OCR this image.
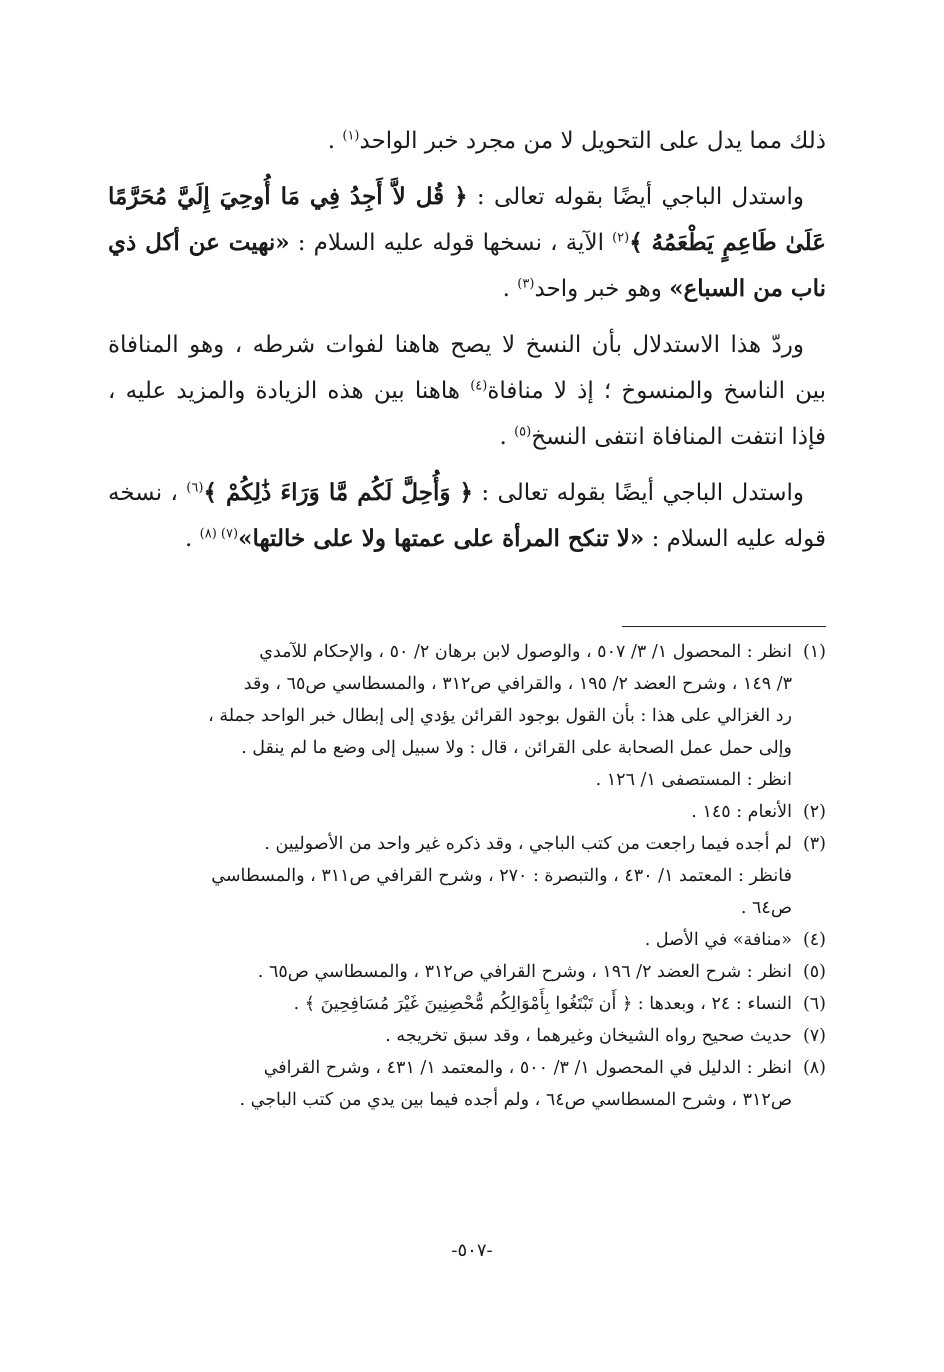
ذلك مما يدل على التحويل لا من مجرد خبر الواحد$^{(١)}$ .

واستدل الباجي أيضًا بقوله تعالى : ﴿ قُل لاَّ أَجِدُ فِي مَا أُوحِيَ إِلَيَّ مُحَرَّمًا عَلَىٰ طَاعِمٍ يَطْعَمُهُ ﴾$^{(٢)}$ الآية ، نسخها قوله عليه السلام : «نهيت عن أكل ذي ناب من السباع» وهو خبر واحد$^{(٣)}$ .

وردّ هذا الاستدلال بأن النسخ لا يصح هاهنا لفوات شرطه ، وهو المنافاة بين الناسخ والمنسوخ ؛ إذ لا منافاة$^{(٤)}$ هاهنا بين هذه الزيادة والمزيد عليه ، فإذا انتفت المنافاة انتفى النسخ$^{(٥)}$ .

واستدل الباجي أيضًا بقوله تعالى : ﴿ وَأُحِلَّ لَكُم مَّا وَرَاءَ ذَٰلِكُمْ ﴾$^{(٦)}$ ، نسخه قوله عليه السلام : «لا تنكح المرأة على عمتها ولا على خالتها»$^{(٧) (٨)}$ .

(١)
انظر : المحصول ١/ ٣/ ٥٠٧ ، والوصول لابن برهان ٢/ ٥٠ ، والإحكام للآمدي
٣/ ١٤٩ ، وشرح العضد ٢/ ١٩٥ ، والقرافي ص٣١٢ ، والمسطاسي ص٦٥ ، وقد
رد الغزالي على هذا : بأن القول بوجود القرائن يؤدي إلى إبطال خبر الواحد جملة ،
وإلى حمل عمل الصحابة على القرائن ، قال : ولا سبيل إلى وضع ما لم ينقل .
انظر : المستصفى ١/ ١٢٦ .
(٢)
الأنعام : ١٤٥ .
(٣)
لم أجده فيما راجعت من كتب الباجي ، وقد ذكره غير واحد من الأصوليين .
فانظر : المعتمد ١/ ٤٣٠ ، والتبصرة : ٢٧٠ ، وشرح القرافي ص٣١١ ، والمسطاسي
ص٦٤ .
(٤)
«منافة» في الأصل .
(٥)
انظر : شرح العضد ٢/ ١٩٦ ، وشرح القرافي ص٣١٢ ، والمسطاسي ص٦٥ .
(٦)
النساء : ٢٤ ، وبعدها : ﴿ أَن تَبْتَغُوا بِأَمْوَالِكُم مُّحْصِنِينَ غَيْرَ مُسَافِحِينَ ﴾ .
(٧)
حديث صحيح رواه الشيخان وغيرهما ، وقد سبق تخريجه .
(٨)
انظر : الدليل في المحصول ١/ ٣/ ٥٠٠ ، والمعتمد ١/ ٤٣١ ، وشرح القرافي
ص٣١٢ ، وشرح المسطاسي ص٦٤ ، ولم أجده فيما بين يدي من كتب الباجي .
-٥٠٧-
